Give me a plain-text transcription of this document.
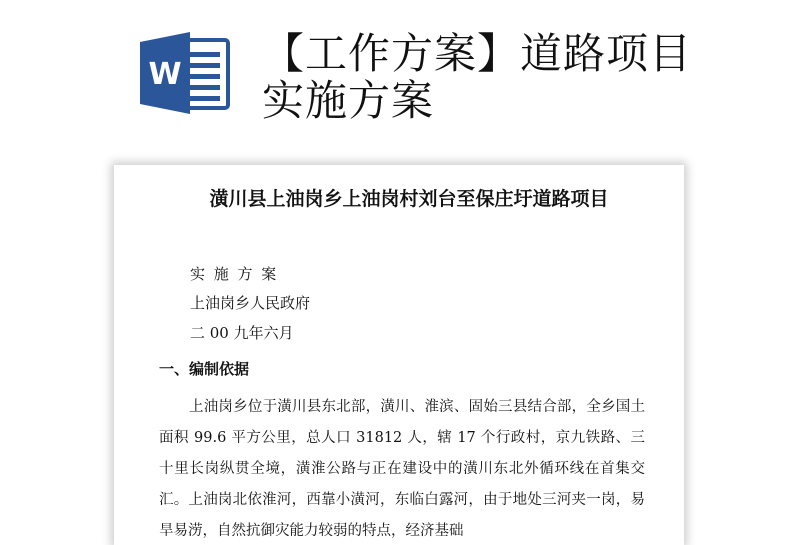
W 【工作方案】道路项目实施方案
潢川县上油岗乡上油岗村刘台至保庄圩道路项目
实 施 方 案
上油岗乡人民政府
二 00 九年六月
一、编制依据
上油岗乡位于潢川县东北部，潢川、淮滨、固始三县结合部，全乡国土面积 99.6 平方公里，总人口 31812 人，辖 17 个行政村，京九铁路、三十里长岗纵贯全境，潢淮公路与正在建设中的潢川东北外循环线在首集交汇。上油岗北依淮河，西靠小潢河，东临白露河，由于地处三河夹一岗，易旱易涝，自然抗御灾能力较弱的特点，经济基础
